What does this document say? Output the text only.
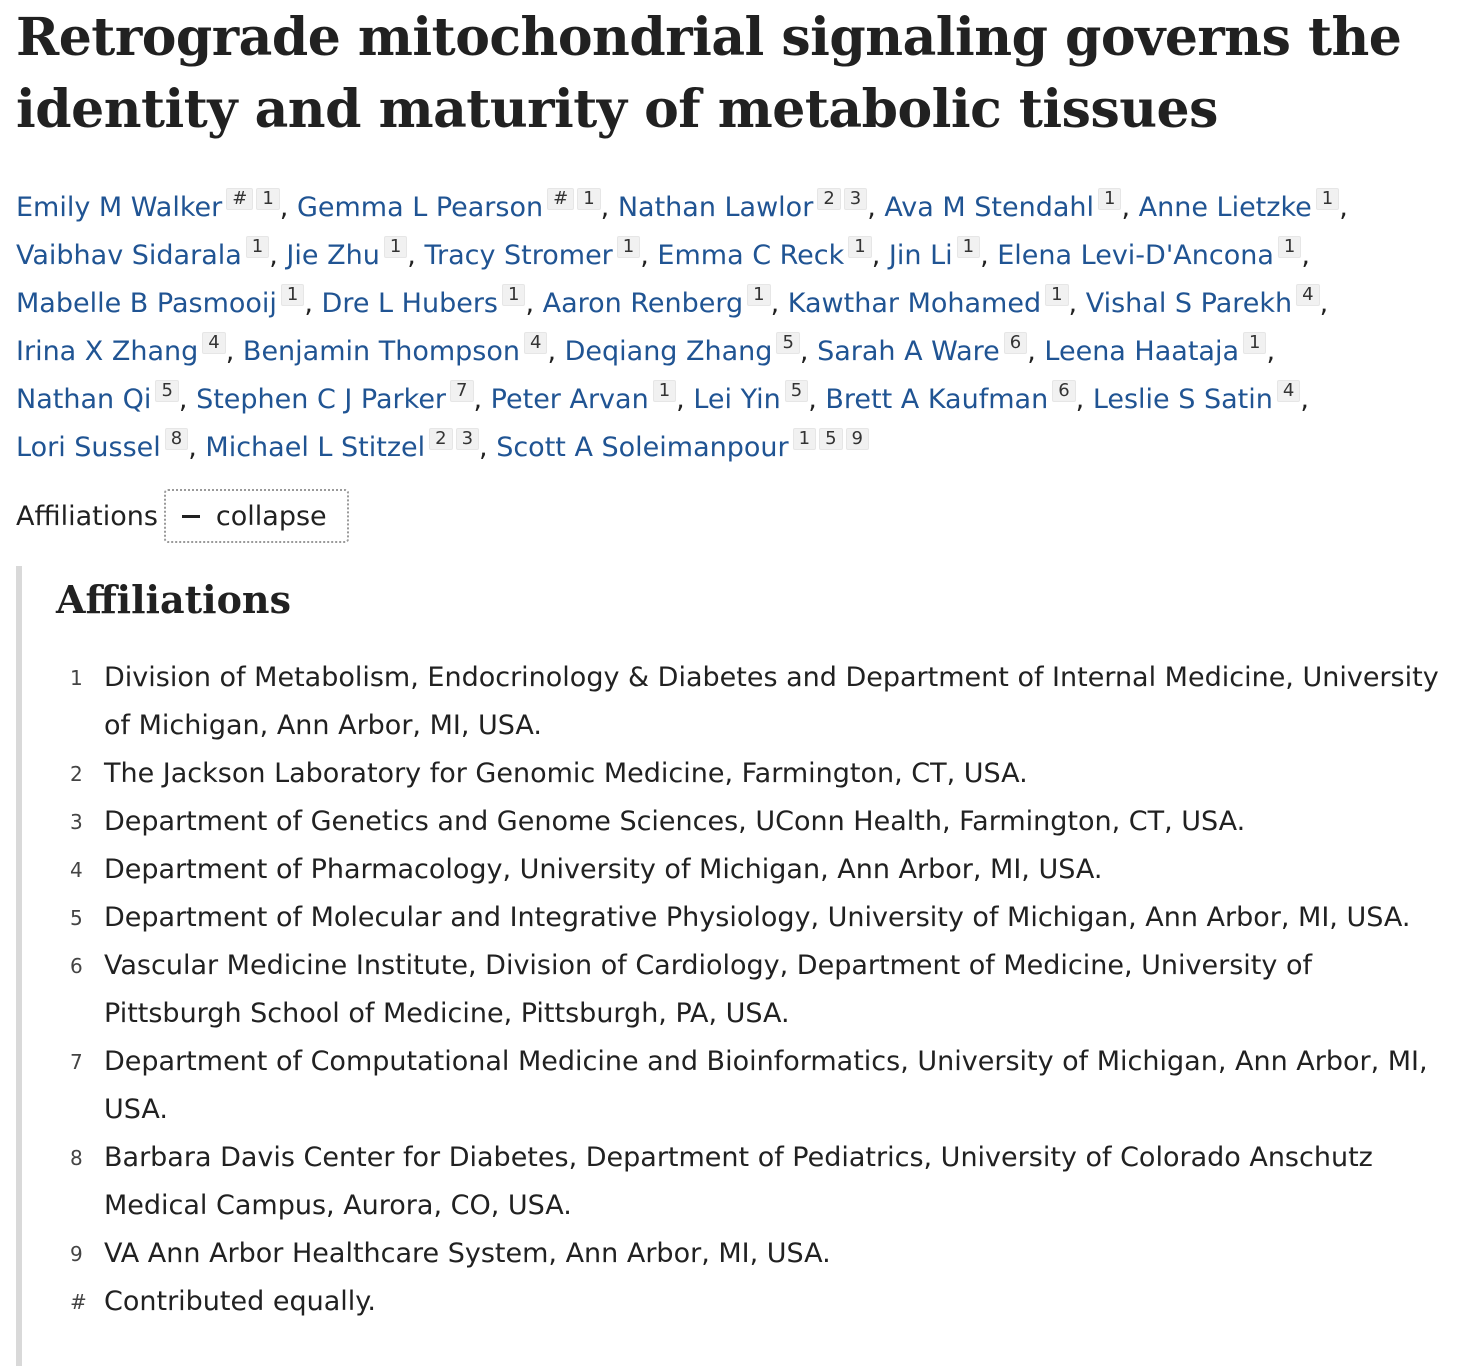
Retrograde mitochondrial signaling governs the identity and maturity of metabolic tissues
Emily M Walker # 1 , Gemma L Pearson # 1 , Nathan Lawlor 2 3 , Ava M Stendahl 1 , Anne Lietzke 1 ,
Vaibhav Sidarala 1 , Jie Zhu 1 , Tracy Stromer 1 , Emma C Reck 1 , Jin Li 1 , Elena Levi-D'Ancona 1 ,
Mabelle B Pasmooij 1 , Dre L Hubers 1 , Aaron Renberg 1 , Kawthar Mohamed 1 , Vishal S Parekh 4 ,
Irina X Zhang 4 , Benjamin Thompson 4 , Deqiang Zhang 5 , Sarah A Ware 6 , Leena Haataja 1 ,
Nathan Qi 5 , Stephen C J Parker 7 , Peter Arvan 1 , Lei Yin 5 , Brett A Kaufman 6 , Leslie S Satin 4 ,
Lori Sussel 8 , Michael L Stitzel 2 3 , Scott A Soleimanpour 1 5 9
Affiliations collapse
Affiliations
1 Division of Metabolism, Endocrinology & Diabetes and Department of Internal Medicine, University of Michigan, Ann Arbor, MI, USA.
2 The Jackson Laboratory for Genomic Medicine, Farmington, CT, USA.
3 Department of Genetics and Genome Sciences, UConn Health, Farmington, CT, USA.
4 Department of Pharmacology, University of Michigan, Ann Arbor, MI, USA.
5 Department of Molecular and Integrative Physiology, University of Michigan, Ann Arbor, MI, USA.
6 Vascular Medicine Institute, Division of Cardiology, Department of Medicine, University of Pittsburgh School of Medicine, Pittsburgh, PA, USA.
7 Department of Computational Medicine and Bioinformatics, University of Michigan, Ann Arbor, MI, USA.
8 Barbara Davis Center for Diabetes, Department of Pediatrics, University of Colorado Anschutz Medical Campus, Aurora, CO, USA.
9 VA Ann Arbor Healthcare System, Ann Arbor, MI, USA.
# Contributed equally.
